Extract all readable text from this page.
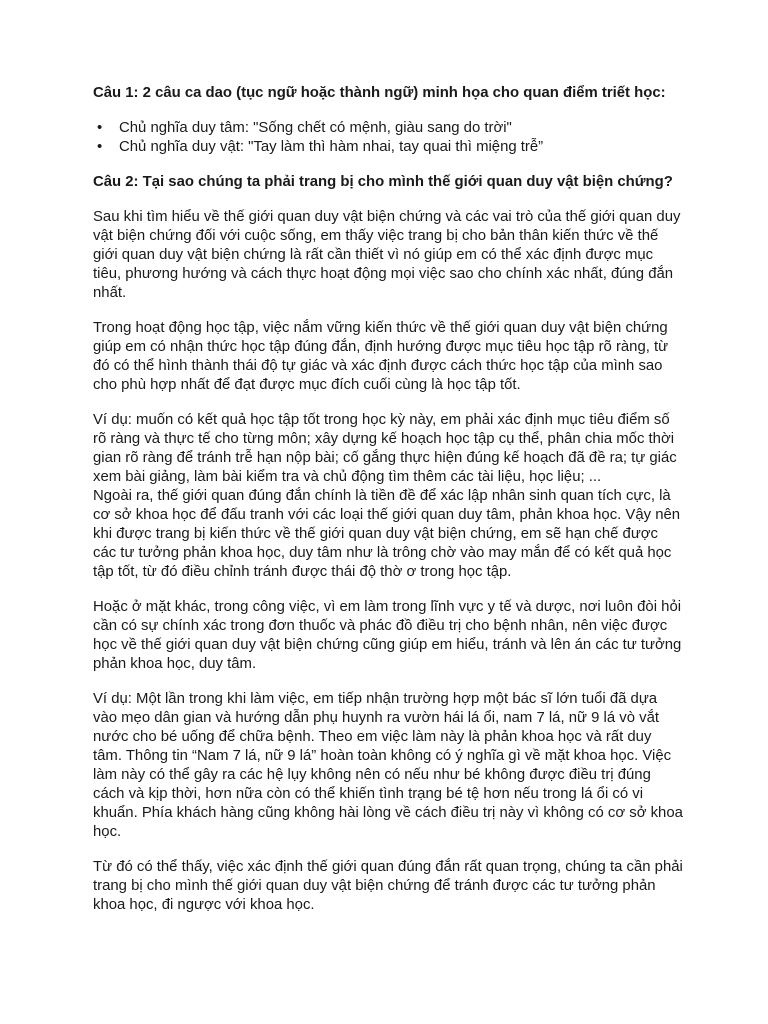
Câu 1: 2 câu ca dao (tục ngữ hoặc thành ngữ) minh họa cho quan điểm triết học:

• Chủ nghĩa duy tâm: "Sống chết có mệnh, giàu sang do trời"
• Chủ nghĩa duy vật: "Tay làm thì hàm nhai, tay quai thì miệng trễ”

Câu 2: Tại sao chúng ta phải trang bị cho mình thế giới quan duy vật biện chứng?

Sau khi tìm hiểu về thế giới quan duy vật biện chứng và các vai trò của thế giới quan duy vật biện chứng đối với cuộc sống, em thấy việc trang bị cho bản thân kiến thức về thế giới quan duy vật biện chứng là rất cần thiết vì nó giúp em có thể xác định được mục tiêu, phương hướng và cách thực hoạt động mọi việc sao cho chính xác nhất, đúng đắn nhất.

Trong hoạt động học tập, việc nắm vững kiến thức về thế giới quan duy vật biện chứng giúp em có nhận thức học tập đúng đắn, định hướng được mục tiêu học tập rõ ràng, từ đó có thể hình thành thái độ tự giác và xác định được cách thức học tập của mình sao cho phù hợp nhất để đạt được mục đích cuối cùng là học tập tốt.

Ví dụ: muốn có kết quả học tập tốt trong học kỳ này, em phải xác định mục tiêu điểm số rõ ràng và thực tế cho từng môn; xây dựng kế hoạch học tập cụ thể, phân chia mốc thời gian rõ ràng để tránh trễ hạn nộp bài; cố gắng thực hiện đúng kế hoạch đã đề ra; tự giác xem bài giảng, làm bài kiểm tra và chủ động tìm thêm các tài liệu, học liệu; ...

Ngoài ra, thế giới quan đúng đắn chính là tiền đề để xác lập nhân sinh quan tích cực, là cơ sở khoa học để đấu tranh với các loại thế giới quan duy tâm, phản khoa học. Vậy nên khi được trang bị kiến thức về thế giới quan duy vật biện chứng, em sẽ hạn chế được các tư tưởng phản khoa học, duy tâm như là trông chờ vào may mắn để có kết quả học tập tốt, từ đó điều chỉnh tránh được thái độ thờ ơ trong học tập.

Hoặc ở mặt khác, trong công việc, vì em làm trong lĩnh vực y tế và dược, nơi luôn đòi hỏi cần có sự chính xác trong đơn thuốc và phác đồ điều trị cho bệnh nhân, nên việc được học về thế giới quan duy vật biện chứng cũng giúp em hiểu, tránh và lên án các tư tưởng phản khoa học, duy tâm.

Ví dụ: Một lần trong khi làm việc, em tiếp nhận trường hợp một bác sĩ lớn tuổi đã dựa vào mẹo dân gian và hướng dẫn phụ huynh ra vườn hái lá ổi, nam 7 lá, nữ 9 lá vò vắt nước cho bé uống để chữa bệnh. Theo em việc làm này là phản khoa học và rất duy tâm. Thông tin “Nam 7 lá, nữ 9 lá” hoàn toàn không có ý nghĩa gì về mặt khoa học. Việc làm này có thể gây ra các hệ lụy không nên có nếu như bé không được điều trị đúng cách và kịp thời, hơn nữa còn có thể khiến tình trạng bé tệ hơn nếu trong lá ổi có vi khuẩn. Phía khách hàng cũng không hài lòng về cách điều trị này vì không có cơ sở khoa học.

Từ đó có thể thấy, việc xác định thế giới quan đúng đắn rất quan trọng, chúng ta cần phải trang bị cho mình thế giới quan duy vật biện chứng để tránh được các tư tưởng phản khoa học, đi ngược với khoa học.
